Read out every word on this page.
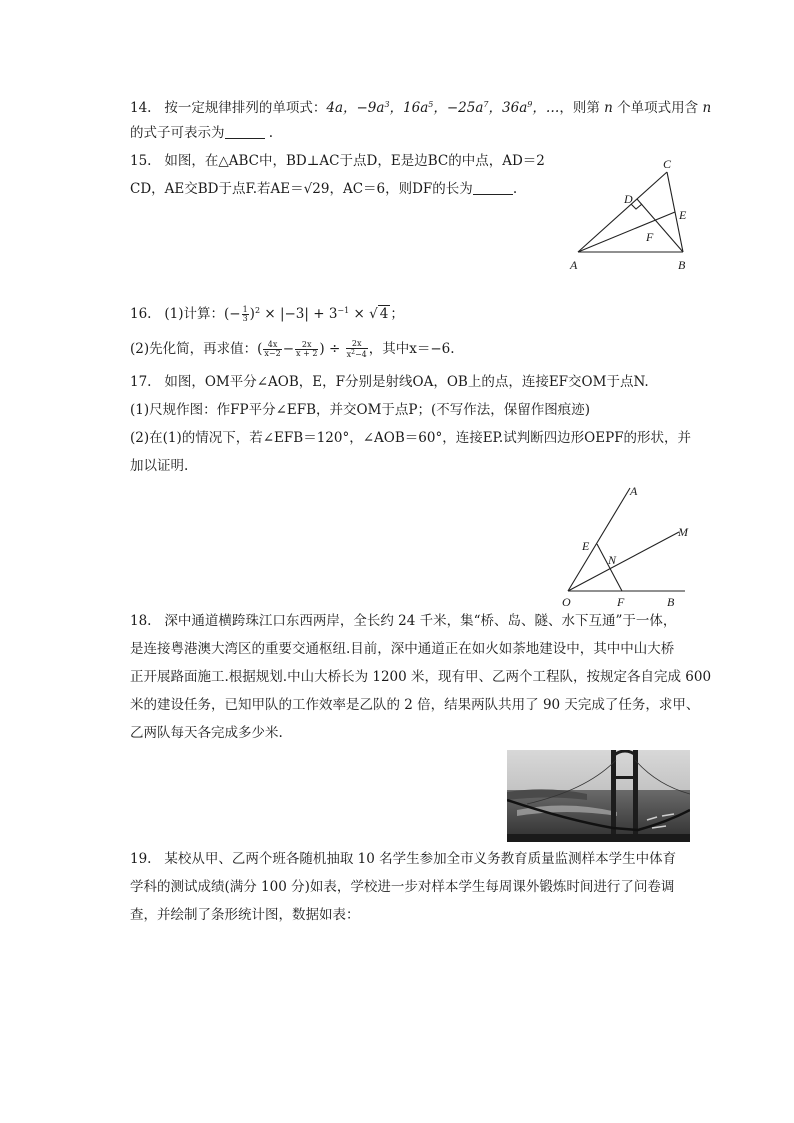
14. 按一定规律排列的单项式：4a，$-9a^3$，$16a^5$，$-25a^7$，$36a^9$，…，则第 n 个单项式用含 n
的式子可表示为	.
15. 如图，在△ABC中，BD⊥AC于点D，E是边BC的中点，AD＝2
CD，AE交BD于点F.若AE＝√29，AC＝6，则DF的长为	.
C
D
E
F
A	B
16. (1)计算：(− $\frac{1}{3} )^2 \times |-3| + 3^{-1}$ × √ 4 ；
(2)先化简，再求值：( $\frac{4x}{x-2} - \frac{2x}{x + 2}$ ) ÷ $\frac{2x}{x^2-4}$ ，其中x＝−6.
17. 如图，OM平分∠AOB，E，F分别是射线OA，OB上的点，连接EF交OM于点N.
(1)尺规作图：作FP平分∠EFB，并交OM于点P；(不写作法，保留作图痕迹)
(2)在(1)的情况下，若∠EFB＝120°，∠AOB＝60°，连接EP.试判断四边形OEPF的形状，并
加以证明.
A
M
E
N
O	F	B
18. 深中通道横跨珠江口东西两岸，全长约 24 千米，集“桥、岛、隧、水下互通”于一体，
是连接粤港澳大湾区的重要交通枢纽.目前，深中通道正在如火如荼地建设中，其中中山大桥
正开展路面施工.根据规划.中山大桥长为 1200 米，现有甲、乙两个工程队，按规定各自完成 600
米的建设任务，已知甲队的工作效率是乙队的 2 倍，结果两队共用了 90 天完成了任务，求甲、
乙两队每天各完成多少米.
19. 某校从甲、乙两个班各随机抽取 10 名学生参加全市义务教育质量监测样本学生中体育
学科的测试成绩(满分 100 分)如表，学校进一步对样本学生每周课外锻炼时间进行了问卷调
查，并绘制了条形统计图，数据如表：
